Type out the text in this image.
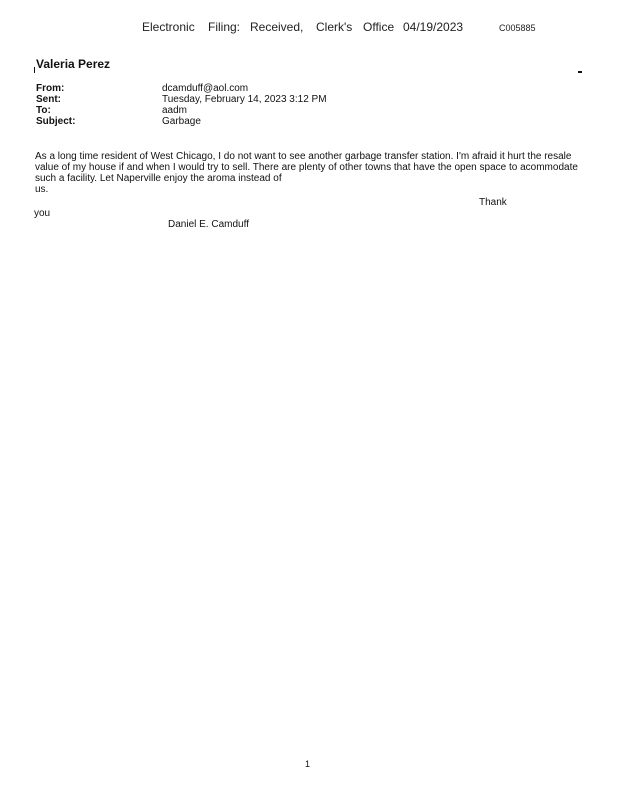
Electronic Filing: Received, Clerk's Office 04/19/2023	C005885
Valeria Perez
From:	dcamduff@aol.com
Sent:	Tuesday, February 14, 2023 3:12 PM
To:	aadm
Subject:	Garbage

As a long time resident of West Chicago, I do not want to see another garbage transfer station. I'm afraid it hurt the resale value of my house if and when I would try to sell. There are plenty of other towns that have the open space to acommodate such a facility. Let Naperville enjoy the aroma instead of

us.

Thank
you
Daniel E. Camduff
1
